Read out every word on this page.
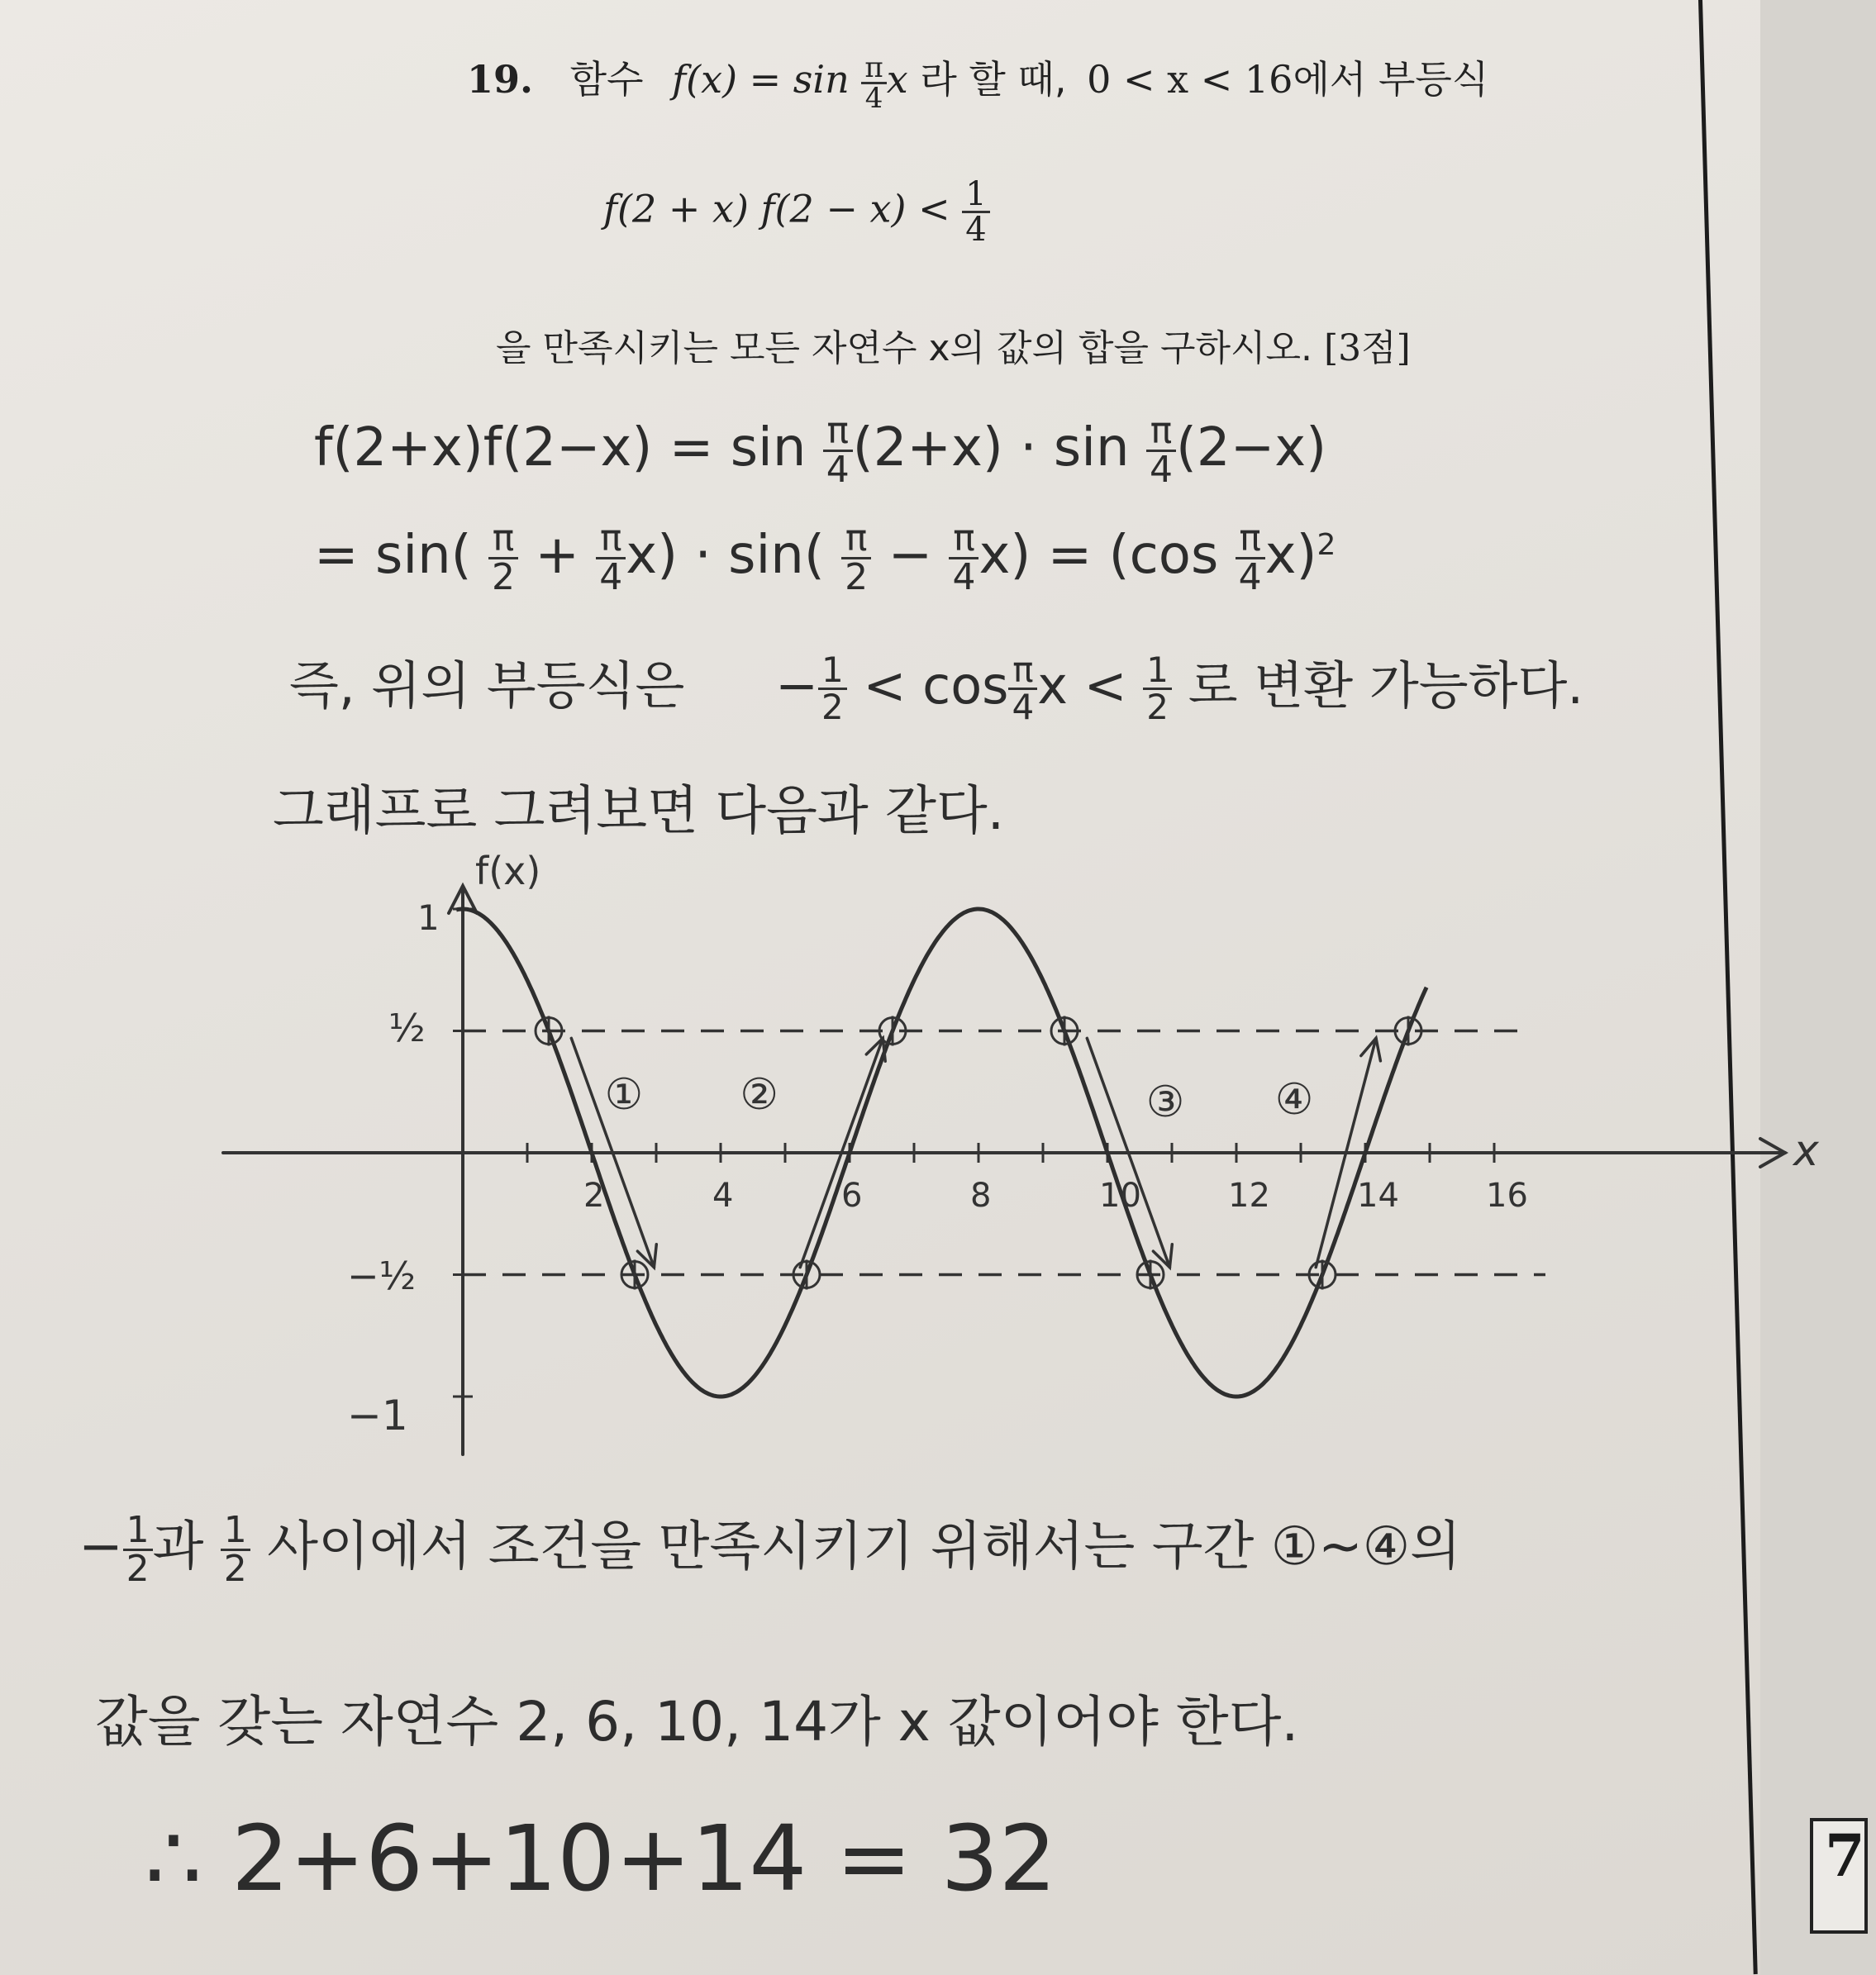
19. 함수 $f(x) = \sin \frac{\pi}{4}$ x 라 할 때, 0 < x < 16에서 부등식
f(2 + x) $f(2 - x) < \frac{1}{4}$
을 만족시키는 모든 자연수 x의 값의 합을 구하시오. [3점]
$f(2+x)f(2-x) = \sin \frac{\pi}{4} (2+x) \cdot \sin \frac{\pi}{4} (2-x)$
= $\sin( \frac{\pi}{2} + \frac{\pi}{4} x) \cdot \sin( \frac{\pi}{2} - \frac{\pi}{4} x) = (\cos \frac{\pi}{4} x)^2$
즉, 위의 부등식은 − $\frac{1}{2} < \cos \frac{\pi}{4}$ $x < \frac{1}{2}$ 로 변환 가능하다.
그래프로 그려보면 다음과 같다.
2	4	6	8	10	12	14	16
① ②	③ ④
f(x)
x
1
½
−½
−1
− $\frac{1}{2}$ 과 $\frac{1}{2}$ 사이에서 조건을 만족시키기 위해서는 구간 ①~④의
값을 갖는 자연수 2, 6, 10, 14가 x 값이어야 한다.
∴ 2+6+10+14 = 32	7
